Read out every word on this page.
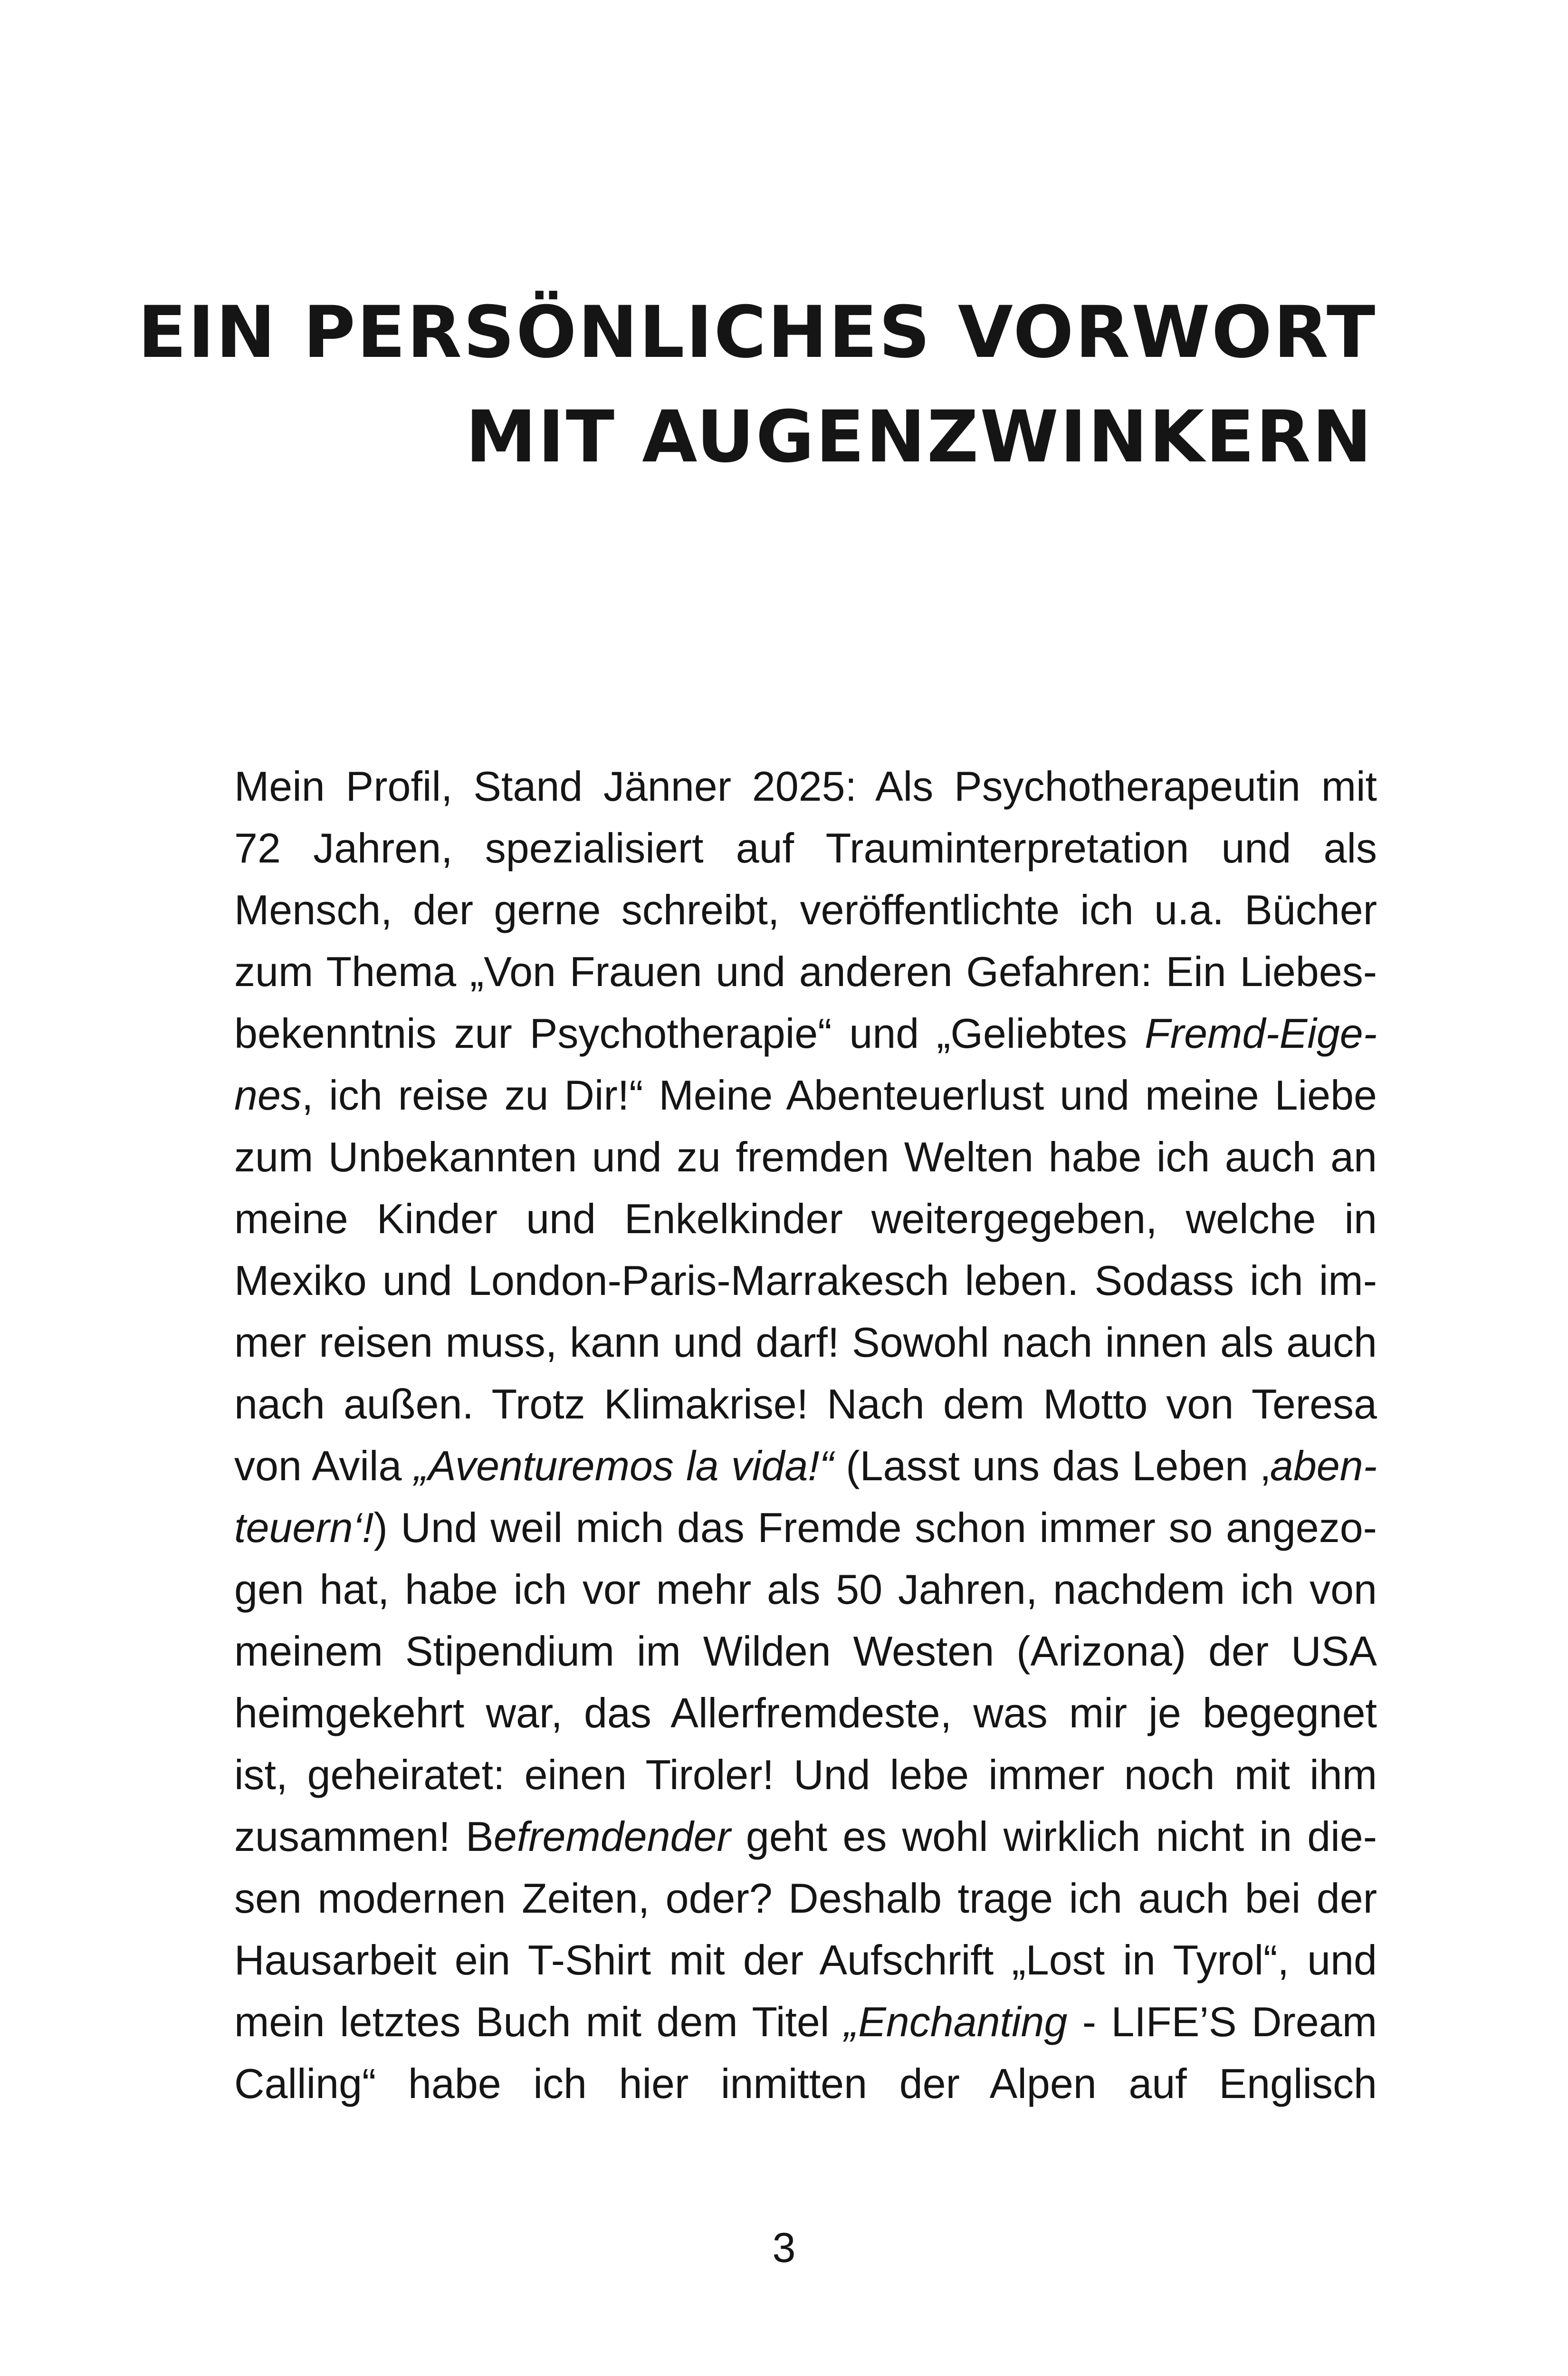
EIN PERSÖNLICHES VORWORT
MIT AUGENZWINKERN
Mein Profil, Stand Jänner 2025: Als Psychotherapeutin mit
72 Jahren, spezialisiert auf Trauminterpretation und als
Mensch, der gerne schreibt, veröffentlichte ich u.a. Bücher
zum Thema „Von Frauen und anderen Gefahren: Ein Liebes-
bekenntnis zur Psychotherapie“ und „Geliebtes Fremd-Eige-
nes, ich reise zu Dir!“ Meine Abenteuerlust und meine Liebe
zum Unbekannten und zu fremden Welten habe ich auch an
meine Kinder und Enkelkinder weitergegeben, welche in
Mexiko und London-Paris-Marrakesch leben. Sodass ich im-
mer reisen muss, kann und darf! Sowohl nach innen als auch
nach außen. Trotz Klimakrise! Nach dem Motto von Teresa
von Avila „Aventuremos la vida!“ (Lasst uns das Leben ‚aben-
teuern‘!) Und weil mich das Fremde schon immer so angezo-
gen hat, habe ich vor mehr als 50 Jahren, nachdem ich von
meinem Stipendium im Wilden Westen (Arizona) der USA
heimgekehrt war, das Allerfremdeste, was mir je begegnet
ist, geheiratet: einen Tiroler! Und lebe immer noch mit ihm
zusammen! Befremdender geht es wohl wirklich nicht in die-
sen modernen Zeiten, oder? Deshalb trage ich auch bei der
Hausarbeit ein T-Shirt mit der Aufschrift „Lost in Tyrol“, und
mein letztes Buch mit dem Titel „Enchanting - LIFE’S Dream
Calling“ habe ich hier inmitten der Alpen auf Englisch
3
